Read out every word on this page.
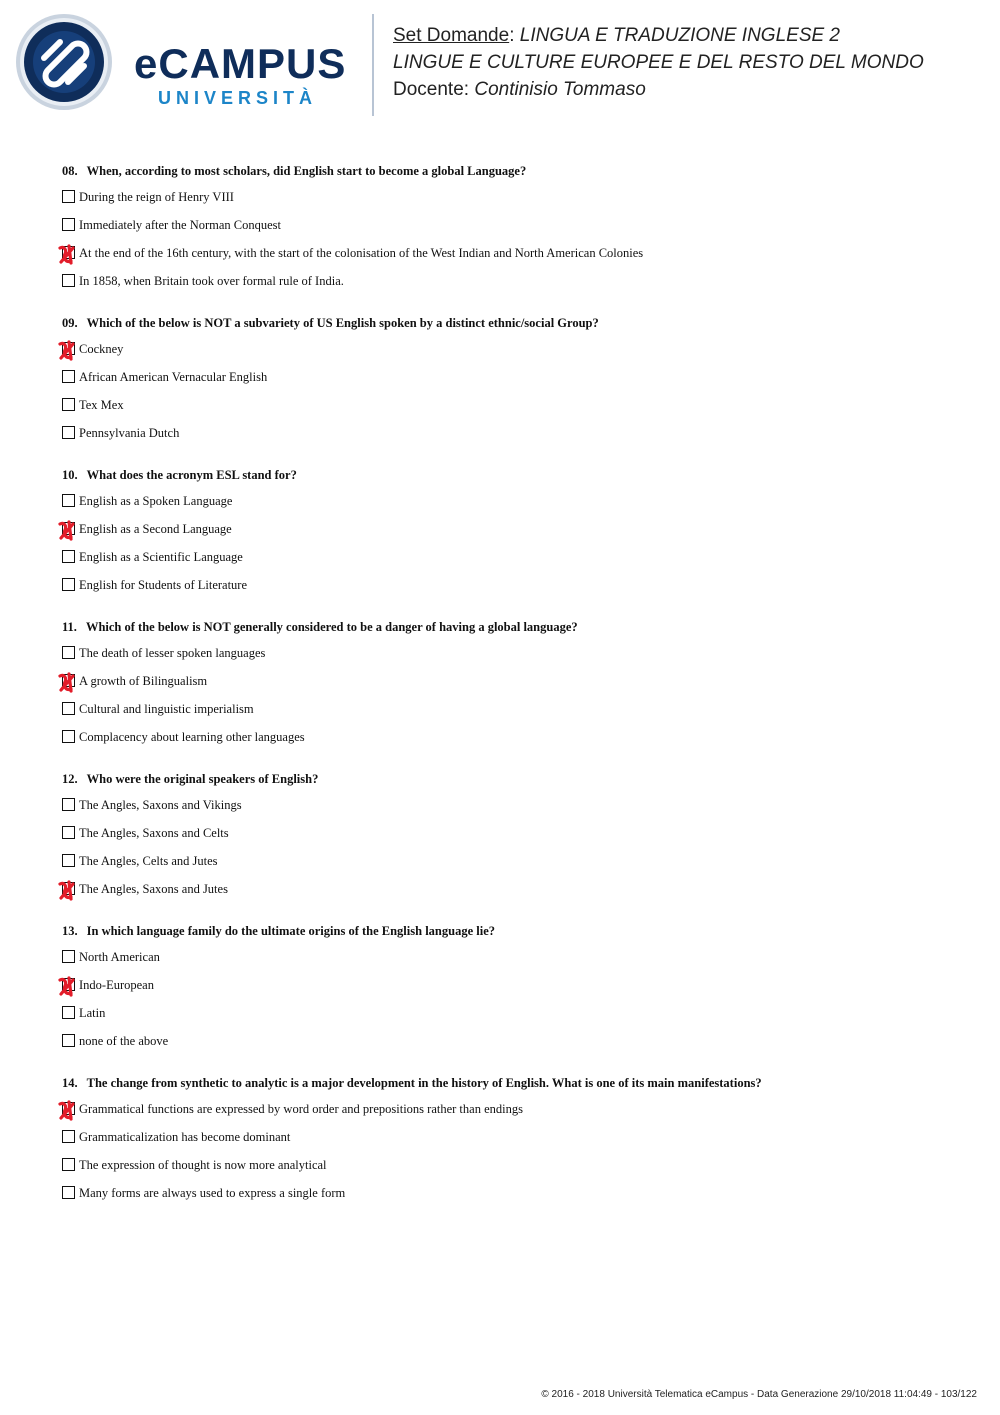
eCAMPUS
UNIVERSITÀ
Set Domande: LINGUA E TRADUZIONE INGLESE 2
LINGUE E CULTURE EUROPEE E DEL RESTO DEL MONDO
Docente: Continisio Tommaso
08. When, according to most scholars, did English start to become a global Language?
During the reign of Henry VIII
Immediately after the Norman Conquest
At the end of the 16th century, with the start of the colonisation of the West Indian and North American Colonies
In 1858, when Britain took over formal rule of India.
09. Which of the below is NOT a subvariety of US English spoken by a distinct ethnic/social Group?
Cockney
African American Vernacular English
Tex Mex
Pennsylvania Dutch
10. What does the acronym ESL stand for?
English as a Spoken Language
English as a Second Language
English as a Scientific Language
English for Students of Literature
11. Which of the below is NOT generally considered to be a danger of having a global language?
The death of lesser spoken languages
A growth of Bilingualism
Cultural and linguistic imperialism
Complacency about learning other languages
12. Who were the original speakers of English?
The Angles, Saxons and Vikings
The Angles, Saxons and Celts
The Angles, Celts and Jutes
The Angles, Saxons and Jutes
13. In which language family do the ultimate origins of the English language lie?
North American
Indo-European
Latin
none of the above
14. The change from synthetic to analytic is a major development in the history of English. What is one of its main manifestations?
Grammatical functions are expressed by word order and prepositions rather than endings
Grammaticalization has become dominant
The expression of thought is now more analytical
Many forms are always used to express a single form
© 2016 - 2018 Università Telematica eCampus - Data Generazione 29/10/2018 11:04:49 - 103/122
